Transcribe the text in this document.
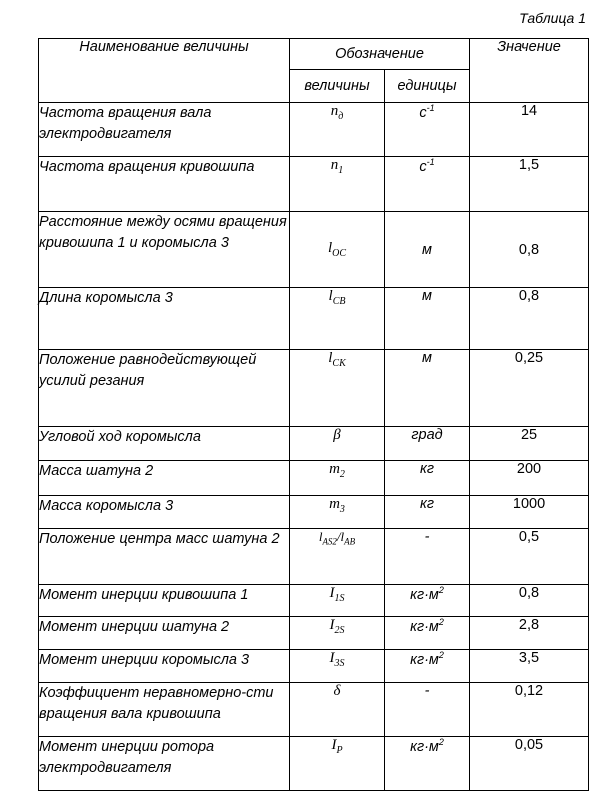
Таблица 1
Наименование величины	Обозначение		Значение
	величины	единицы	
Частота вращения вала электродвигателя	$n_д$	$с^{-1}$	14
Частота вращения кривошипа	$n_1$	$с^{-1}$	1,5
Расстояние между осями вращения кривошипа 1 и коромысла 3	$l_{OC}$	м	0,8
Длина коромысла 3	$l_{CB}$	м	0,8
Положение равнодействующей усилий резания	$l_{CK}$	м	0,25
Угловой ход коромысла	β	град	25
Масса шатуна 2	$m_2$	кг	200
Масса коромысла 3	$m_3$	кг	1000
Положение центра масс шатуна 2	$l_{AS2}/l_{AB}$	-	0,5
Момент инерции кривошипа 1	$I_{1S}$	$кг\cdot м^2$	0,8
Момент инерции шатуна 2	$I_{2S}$	$кг\cdot м^2$	2,8
Момент инерции коромысла 3	$I_{3S}$	$кг\cdot м^2$	3,5
Коэффициент неравномерно-сти вращения вала кривошипа	δ	-	0,12
Момент инерции ротора электродвигателя	$I_Р$	$кг\cdot м^2$	0,05
